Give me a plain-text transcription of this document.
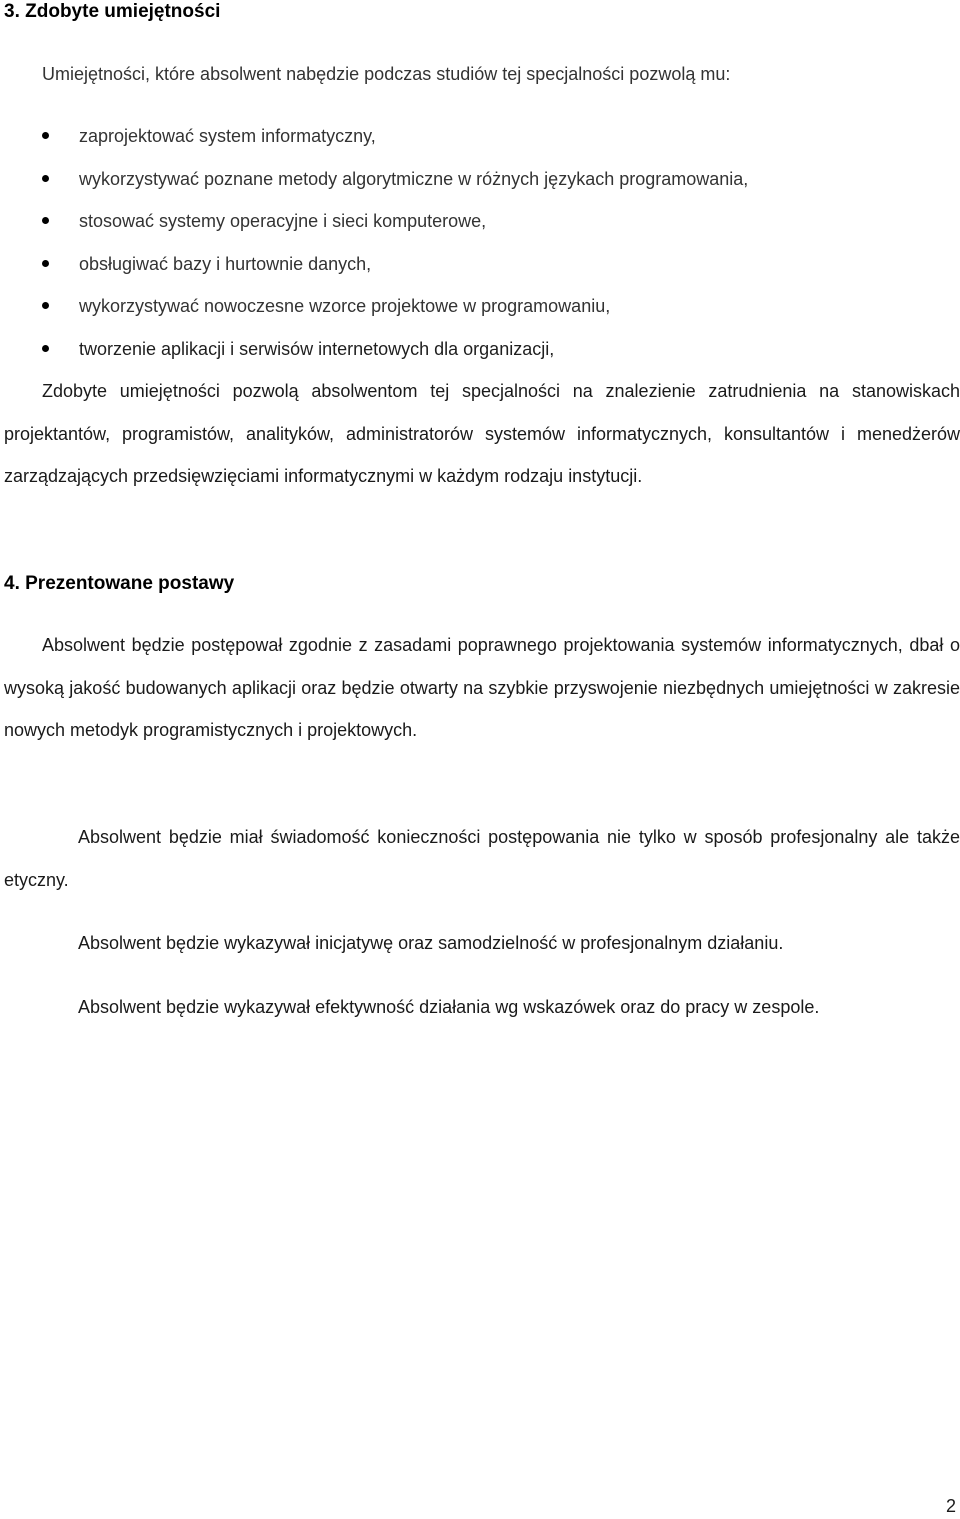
3. Zdobyte umiejętności

Umiejętności, które absolwent nabędzie podczas studiów tej specjalności pozwolą mu:

zaprojektować system informatyczny,
wykorzystywać poznane metody algorytmiczne w różnych językach programowania,
stosować systemy operacyjne i sieci komputerowe,
obsługiwać bazy i hurtownie danych,
wykorzystywać nowoczesne wzorce projektowe w programowaniu,
tworzenie aplikacji i serwisów internetowych dla organizacji,

Zdobyte umiejętności pozwolą absolwentom tej specjalności na znalezienie zatrudnienia na stanowiskach projektantów, programistów, analityków, administratorów systemów informatycznych, konsultantów i menedżerów zarządzających przedsięwzięciami informatycznymi w każdym rodzaju instytucji.

4. Prezentowane postawy

Absolwent będzie postępował zgodnie z zasadami poprawnego projektowania systemów informatycznych, dbał o wysoką jakość budowanych aplikacji oraz będzie otwarty na szybkie przyswojenie niezbędnych umiejętności w zakresie nowych metodyk programistycznych i projektowych.

Absolwent będzie miał świadomość konieczności postępowania nie tylko w sposób profesjonalny ale także etyczny.

Absolwent będzie wykazywał inicjatywę oraz samodzielność w profesjonalnym działaniu.

Absolwent będzie wykazywał efektywność działania wg wskazówek oraz do pracy w zespole.

2
